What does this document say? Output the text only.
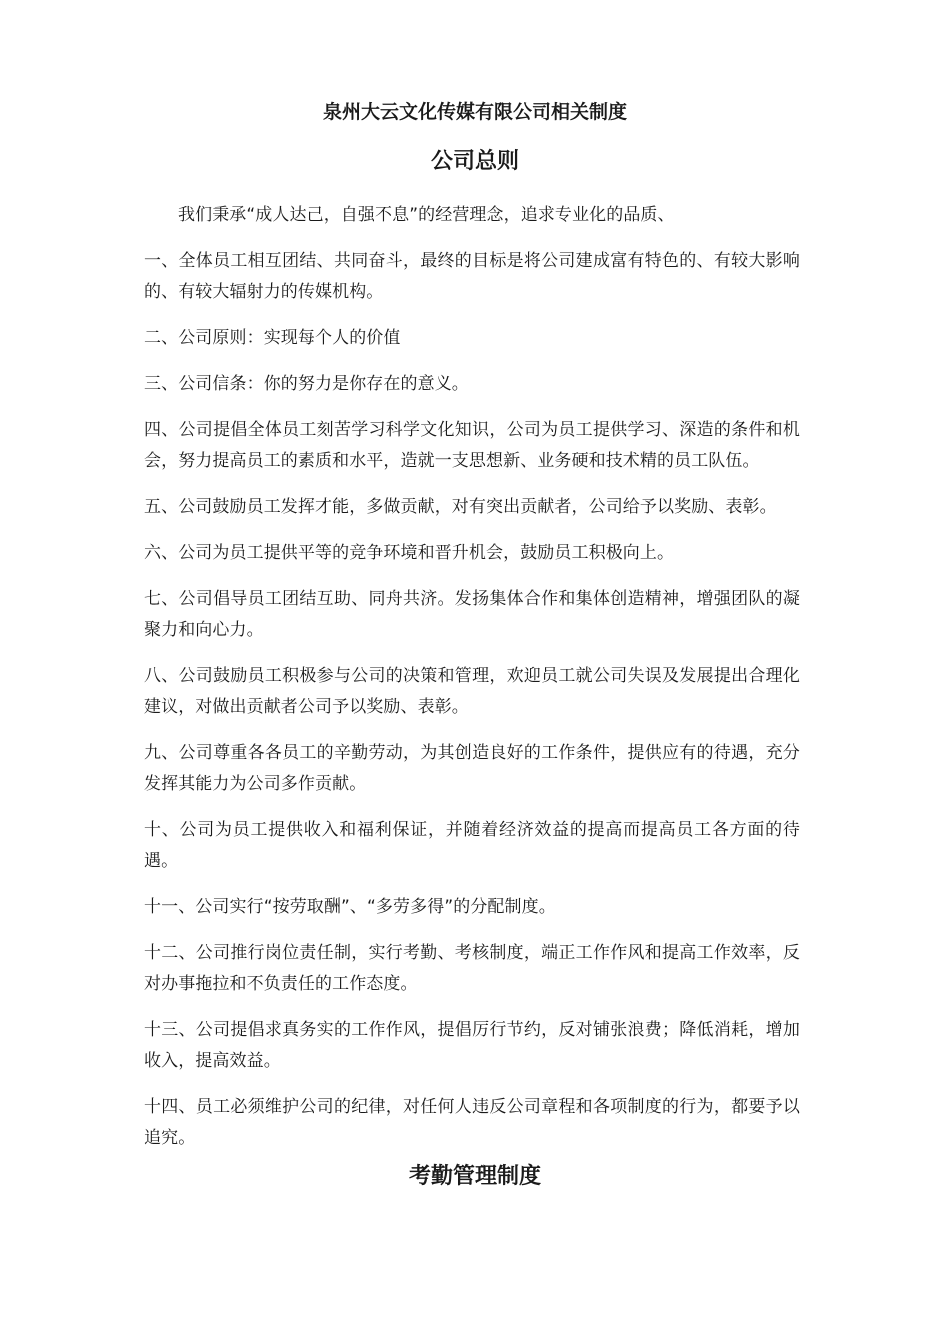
泉州大云文化传媒有限公司相关制度
公司总则

我们秉承“成人达己，自强不息”的经营理念，追求专业化的品质、

一、全体员工相互团结、共同奋斗，最终的目标是将公司建成富有特色的、有较大影响的、有较大辐射力的传媒机构。

二、公司原则：实现每个人的价值

三、公司信条：你的努力是你存在的意义。

四、公司提倡全体员工刻苦学习科学文化知识，公司为员工提供学习、深造的条件和机会，努力提高员工的素质和水平，造就一支思想新、业务硬和技术精的员工队伍。

五、公司鼓励员工发挥才能，多做贡献，对有突出贡献者，公司给予以奖励、表彰。

六、公司为员工提供平等的竞争环境和晋升机会，鼓励员工积极向上。

七、公司倡导员工团结互助、同舟共济。发扬集体合作和集体创造精神，增强团队的凝聚力和向心力。

八、公司鼓励员工积极参与公司的决策和管理，欢迎员工就公司失误及发展提出合理化建议，对做出贡献者公司予以奖励、表彰。

九、公司尊重各各员工的辛勤劳动，为其创造良好的工作条件，提供应有的待遇，充分发挥其能力为公司多作贡献。

十、公司为员工提供收入和福利保证，并随着经济效益的提高而提高员工各方面的待遇。

十一、公司实行“按劳取酬”、“多劳多得”的分配制度。

十二、公司推行岗位责任制，实行考勤、考核制度，端正工作作风和提高工作效率，反对办事拖拉和不负责任的工作态度。

十三、公司提倡求真务实的工作作风，提倡厉行节约，反对铺张浪费；降低消耗，增加收入，提高效益。

十四、员工必须维护公司的纪律，对任何人违反公司章程和各项制度的行为，都要予以追究。

考勤管理制度
